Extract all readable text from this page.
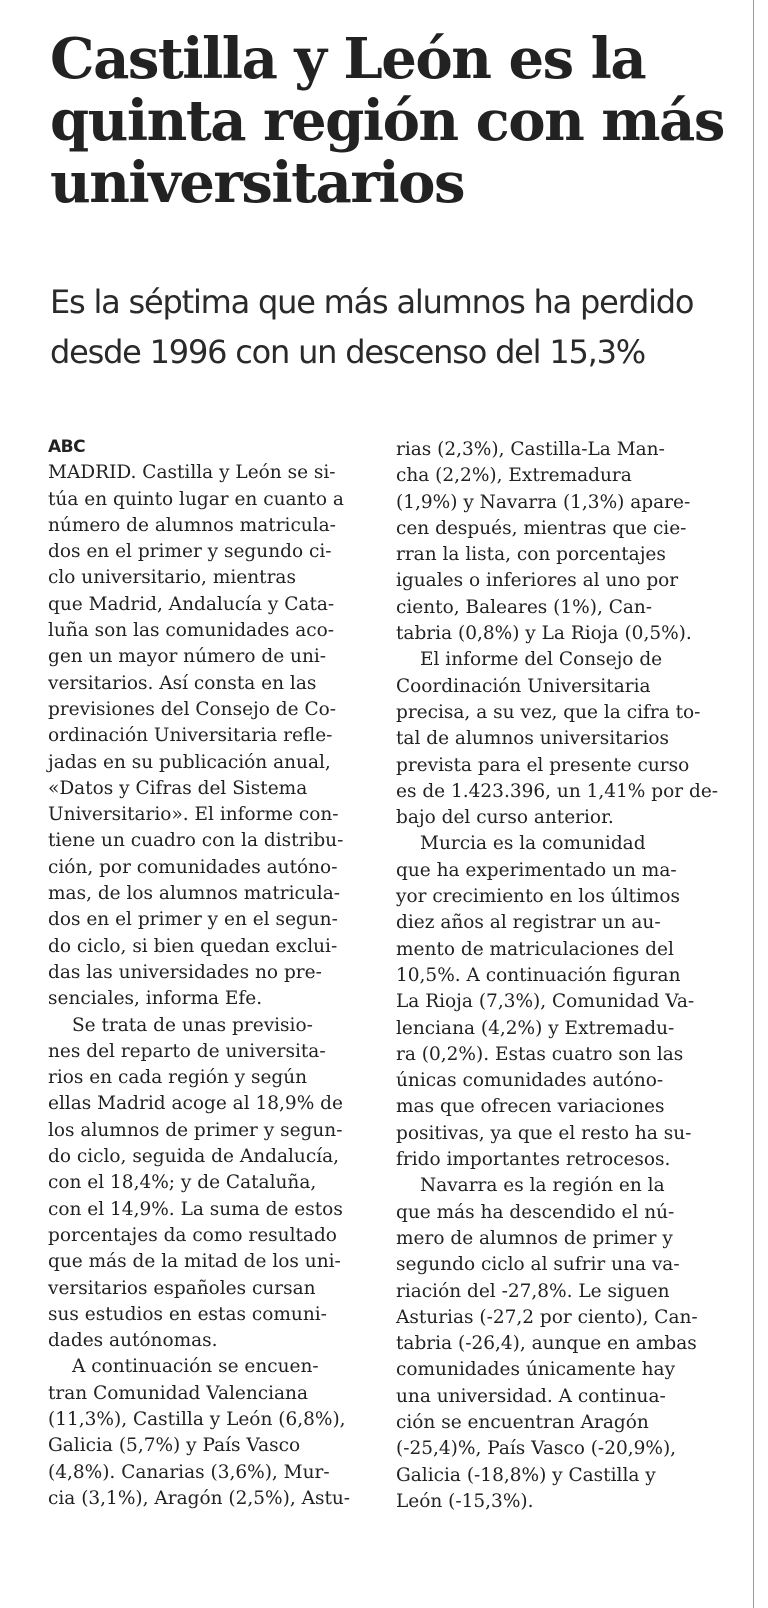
Castilla y León es la
quinta región con más
universitarios
Es la séptima que más alumnos ha perdido
desde 1996 con un descenso del 15,3%
ABC
MADRID. Castilla y León se si-
túa en quinto lugar en cuanto a
número de alumnos matricula-
dos en el primer y segundo ci-
clo universitario, mientras
que Madrid, Andalucía y Cata-
luña son las comunidades aco-
gen un mayor número de uni-
versitarios. Así consta en las
previsiones del Consejo de Co-
ordinación Universitaria refle-
jadas en su publicación anual,
«Datos y Cifras del Sistema
Universitario». El informe con-
tiene un cuadro con la distribu-
ción, por comunidades autóno-
mas, de los alumnos matricula-
dos en el primer y en el segun-
do ciclo, si bien quedan exclui-
das las universidades no pre-
senciales, informa Efe.
Se trata de unas previsio-
nes del reparto de universita-
rios en cada región y según
ellas Madrid acoge al 18,9% de
los alumnos de primer y segun-
do ciclo, seguida de Andalucía,
con el 18,4%; y de Cataluña,
con el 14,9%. La suma de estos
porcentajes da como resultado
que más de la mitad de los uni-
versitarios españoles cursan
sus estudios en estas comuni-
dades autónomas.
A continuación se encuen-
tran Comunidad Valenciana
(11,3%), Castilla y León (6,8%),
Galicia (5,7%) y País Vasco
(4,8%). Canarias (3,6%), Mur-
cia (3,1%), Aragón (2,5%), Astu-
rias (2,3%), Castilla-La Man-
cha (2,2%), Extremadura
(1,9%) y Navarra (1,3%) apare-
cen después, mientras que cie-
rran la lista, con porcentajes
iguales o inferiores al uno por
ciento, Baleares (1%), Can-
tabria (0,8%) y La Rioja (0,5%).
El informe del Consejo de
Coordinación Universitaria
precisa, a su vez, que la cifra to-
tal de alumnos universitarios
prevista para el presente curso
es de 1.423.396, un 1,41% por de-
bajo del curso anterior.
Murcia es la comunidad
que ha experimentado un ma-
yor crecimiento en los últimos
diez años al registrar un au-
mento de matriculaciones del
10,5%. A continuación figuran
La Rioja (7,3%), Comunidad Va-
lenciana (4,2%) y Extremadu-
ra (0,2%). Estas cuatro son las
únicas comunidades autóno-
mas que ofrecen variaciones
positivas, ya que el resto ha su-
frido importantes retrocesos.
Navarra es la región en la
que más ha descendido el nú-
mero de alumnos de primer y
segundo ciclo al sufrir una va-
riación del -27,8%. Le siguen
Asturias (-27,2 por ciento), Can-
tabria (-26,4), aunque en ambas
comunidades únicamente hay
una universidad. A continua-
ción se encuentran Aragón
(-25,4)%, País Vasco (-20,9%),
Galicia (-18,8%) y Castilla y
León (-15,3%).
